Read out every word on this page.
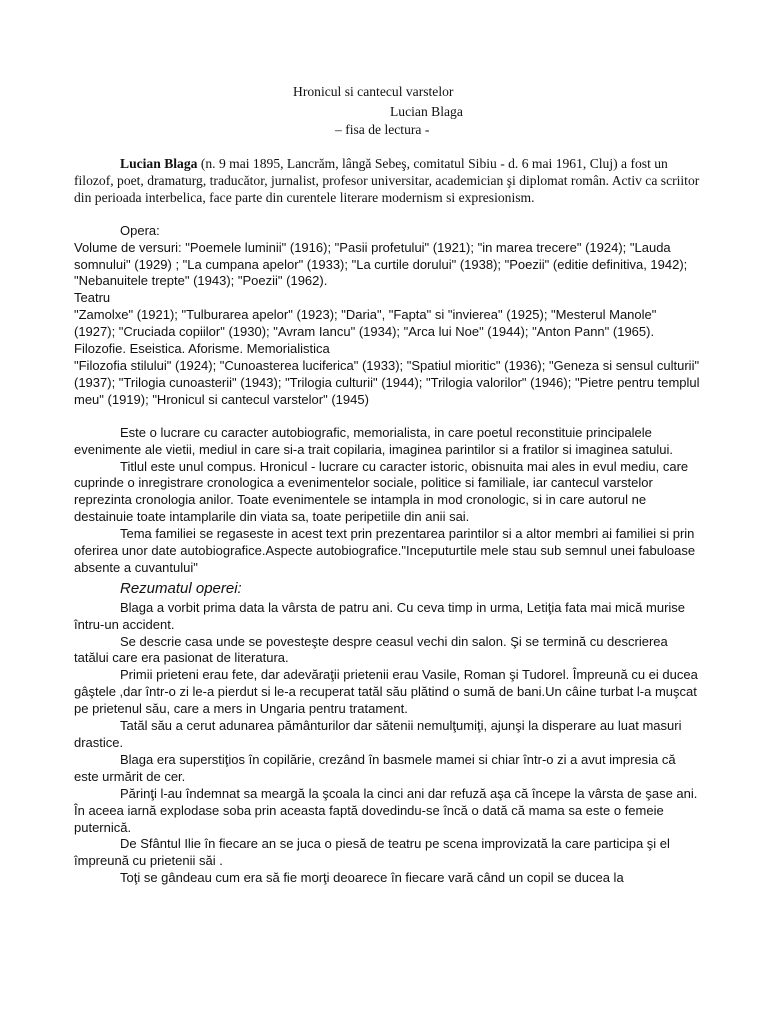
Hronicul si cantecul varstelor
Lucian Blaga
– fisa de lectura -

Lucian Blaga (n. 9 mai 1895, Lancrăm, lângă Sebeş, comitatul Sibiu - d. 6 mai 1961, Cluj) a fost un filozof, poet, dramaturg, traducător, jurnalist, profesor universitar, academician şi diplomat român. Activ ca scriitor din perioada interbelica, face parte din curentele literare modernism si expresionism.

Opera:

Volume de versuri: "Poemele luminii" (1916); "Pasii profetului" (1921); "in marea trecere" (1924); "Lauda somnului" (1929) ; "La cumpana apelor" (1933); "La curtile dorului" (1938); "Poezii" (editie definitiva, 1942); "Nebanuitele trepte" (1943); "Poezii" (1962).

Teatru

"Zamolxe" (1921); "Tulburarea apelor" (1923); "Daria", "Fapta" si "invierea" (1925); "Mesterul Manole" (1927); "Cruciada copiilor" (1930); "Avram Iancu" (1934); "Arca lui Noe" (1944); "Anton Pann" (1965).

Filozofie. Eseistica. Aforisme. Memorialistica

"Filozofia stilului" (1924); "Cunoasterea luciferica" (1933); "Spatiul mioritic" (1936); "Geneza si sensul culturii" (1937); "Trilogia cunoasterii" (1943); "Trilogia culturii" (1944); "Trilogia valorilor" (1946); "Pietre pentru templul meu" (1919); "Hronicul si cantecul varstelor" (1945)

Este o lucrare cu caracter autobiografic, memorialista, in care poetul reconstituie principalele evenimente ale vietii, mediul in care si-a trait copilaria, imaginea parintilor si a fratilor si imaginea satului.

Titlul este unul compus. Hronicul - lucrare cu caracter istoric, obisnuita mai ales in evul mediu, care cuprinde o inregistrare cronologica a evenimentelor sociale, politice si familiale, iar cantecul varstelor reprezinta cronologia anilor. Toate evenimentele se intampla in mod cronologic, si in care autorul ne destainuie toate intamplarile din viata sa, toate peripetiile din anii sai.

Tema familiei se regaseste in acest text prin prezentarea parintilor si a altor membri ai familiei si prin oferirea unor date autobiografice.Aspecte autobiografice."Inceputurtile mele stau sub semnul unei fabuloase absente a cuvantului"

Rezumatul operei:

Blaga a vorbit prima data la vârsta de patru ani. Cu ceva timp in urma, Letiţia fata mai mică murise întru-un accident.

Se descrie casa unde se povesteşte despre ceasul vechi din salon. Şi se termină cu descrierea tatălui care era pasionat de literatura.

Primii prieteni erau fete, dar adevăraţii prietenii erau Vasile, Roman şi Tudorel. Împreună cu ei ducea gâştele ,dar într-o zi le-a pierdut si le-a recuperat tatăl său plătind o sumă de bani.Un câine turbat l-a muşcat pe prietenul său, care a mers in Ungaria pentru tratament.

Tatăl său a cerut adunarea pământurilor dar sătenii nemulţumiţi, ajunşi la disperare au luat masuri drastice.

Blaga era superstiţios în copilărie, crezând în basmele mamei si chiar într-o zi a avut impresia că este urmărit de cer.

Părinţi l-au îndemnat sa meargă la şcoala la cinci ani dar refuză aşa că începe la vârsta de şase ani. În aceea iarnă explodase soba prin aceasta faptă dovedindu-se încă o dată că mama sa este o femeie puternică.

De Sfântul Ilie în fiecare an se juca o piesă de teatru pe scena improvizată la care participa şi el împreună cu prietenii săi .

Toţi se gândeau cum era să fie morţi deoarece în fiecare vară când un copil se ducea la
